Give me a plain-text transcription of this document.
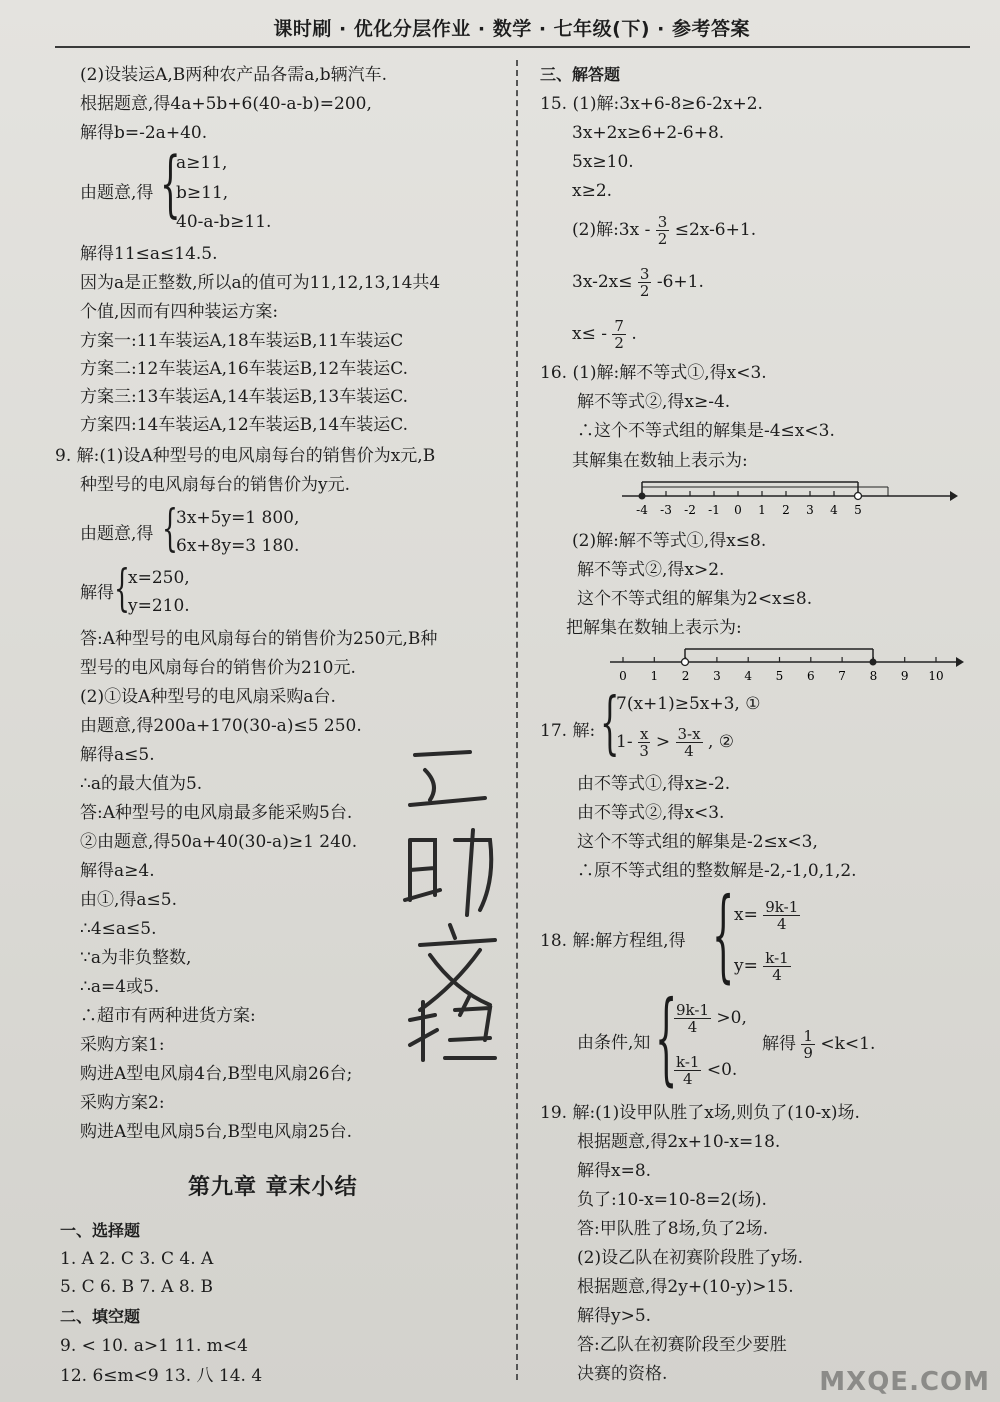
课时刷 · 优化分层作业 · 数学 · 七年级(下) · 参考答案
(2)设装运A,B两种农产品各需a,b辆汽车.
根据题意,得4a+5b+6(40-a-b)=200,
解得b=-2a+40.
由题意,得 {
a≥11,
b≥11,
40-a-b≥11.
解得11≤a≤14.5.
因为a是正整数,所以a的值可为11,12,13,14共4
个值,因而有四种装运方案:
方案一:11车装运A,18车装运B,11车装运C
方案二:12车装运A,16车装运B,12车装运C.
方案三:13车装运A,14车装运B,13车装运C.
方案四:14车装运A,12车装运B,14车装运C.
9. 解:(1)设A种型号的电风扇每台的销售价为x元,B
种型号的电风扇每台的销售价为y元.
由题意,得 {
3x+5y=1 800,
6x+8y=3 180.
解得 {
x=250,
y=210.
答:A种型号的电风扇每台的销售价为250元,B种
型号的电风扇每台的销售价为210元.
(2)①设A种型号的电风扇采购a台.
由题意,得200a+170(30-a)≤5 250.
解得a≤5.
∴a的最大值为5.
答:A种型号的电风扇最多能采购5台.
②由题意,得50a+40(30-a)≥1 240.
解得a≥4.
由①,得a≤5.
∴4≤a≤5.
∵a为非负整数,
∴a=4或5.
∴超市有两种进货方案:
采购方案1:
购进A型电风扇4台,B型电风扇26台;
采购方案2:
购进A型电风扇5台,B型电风扇25台.
第九章 章末小结
一、选择题
1. A 2. C 3. C 4. A
5. C 6. B 7. A 8. B
二、填空题
9. < 10. a>1 11. m<4
12. 6≤m<9 13. 八 14. 4
三、解答题
15. (1)解:3x+6-8≥6-2x+2.
3x+2x≥6+2-6+8.
5x≥10.
x≥2.
(2)解:3x - $\frac{3}{2} \le 2x-6+1$.
$3x-2x\le \frac{3}{2} -6+1$.
$x\le - \frac{7}{2}$ .
16. (1)解:解不等式①,得x<3.
解不等式②,得x≥-4.
∴这个不等式组的解集是-4≤x<3.
其解集在数轴上表示为:
-4 -3 -2 -1 0 1 2 3 4 5
(2)解:解不等式①,得x≤8.
解不等式②,得x>2.
这个不等式组的解集为2<x≤8.
把解集在数轴上表示为:
0 1 2 3 4 5 6 7 8 9 10
17. 解: {
7(x+1)≥5x+3, ①
$1- \frac{x}{3} > \frac{3-x}{4}$ , ②
由不等式①,得x≥-2.
由不等式②,得x<3.
这个不等式组的解集是-2≤x<3,
∴原不等式组的整数解是-2,-1,0,1,2.
18. 解:解方程组,得 { $x= \frac{9k-1}{4}$
$y= \frac{k-1}{4}$
由条件,知 {
$\frac{9k-1}{4} >0$,
$\frac{k-1}{4} <0$.
解得 $\frac{1}{9} <k<1$.
19. 解:(1)设甲队胜了x场,则负了(10-x)场.
根据题意,得2x+10-x=18.
解得x=8.
负了:10-x=10-8=2(场).
答:甲队胜了8场,负了2场.
(2)设乙队在初赛阶段胜了y场.
根据题意,得2y+(10-y)>15.
解得y>5.
答:乙队在初赛阶段至少要胜
决赛的资格.	MXQE.COM
